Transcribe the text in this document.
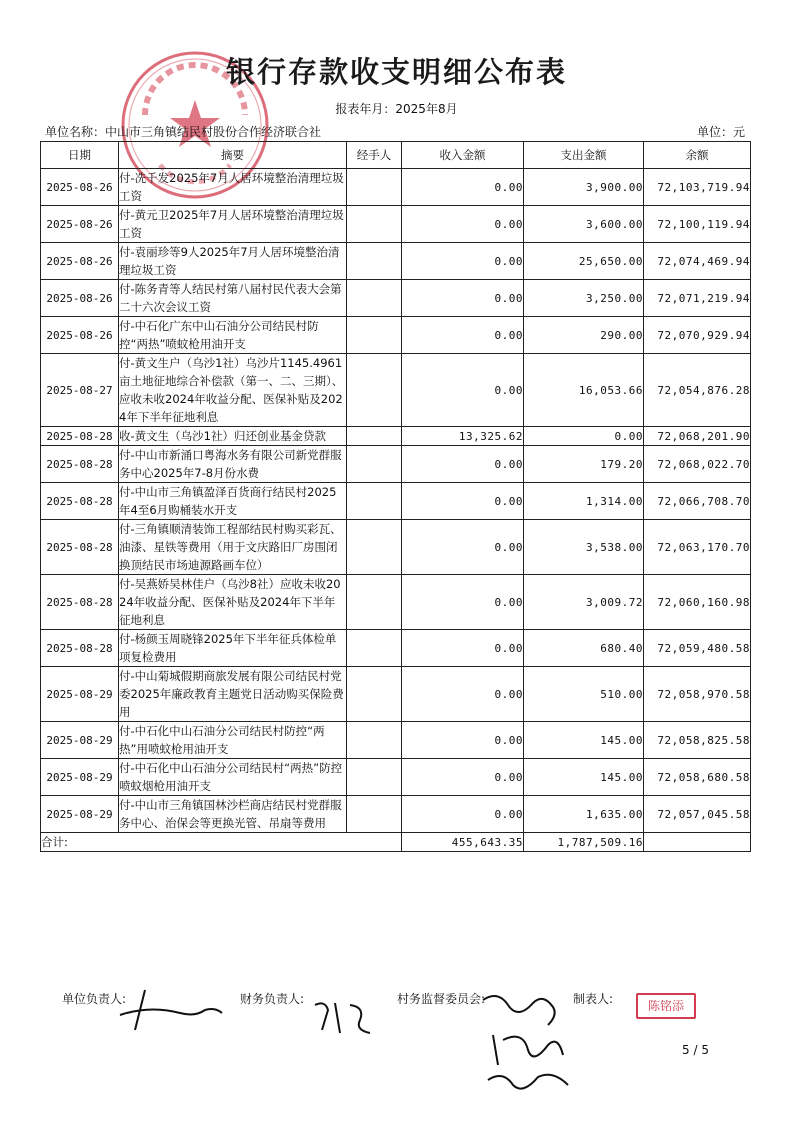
银行存款收支明细公布表
报表年月：2025年8月
单位名称：中山市三角镇结民村股份合作经济联合社	单位：元
日期	摘要	经手人	收入金额	支出金额	余额
2025-08-26	付-冼千发2025年7月人居环境整治清理垃圾工资		0.00	3,900.00	72,103,719.94
2025-08-26	付-黄元卫2025年7月人居环境整治清理垃圾工资		0.00	3,600.00	72,100,119.94
2025-08-26	付-袁丽珍等9人2025年7月人居环境整治清理垃圾工资		0.00	25,650.00	72,074,469.94
2025-08-26	付-陈务青等人结民村第八届村民代表大会第二十六次会议工资		0.00	3,250.00	72,071,219.94
2025-08-26	付-中石化广东中山石油分公司结民村防控“两热”喷蚊枪用油开支		0.00	290.00	72,070,929.94
2025-08-27	付-黄文生户（乌沙1社）乌沙片1145.4961亩土地征地综合补偿款（第一、二、三期）、应收未收2024年收益分配、医保补贴及2024年下半年征地利息		0.00	16,053.66	72,054,876.28
2025-08-28	收-黄文生（乌沙1社）归还创业基金贷款		13,325.62	0.00	72,068,201.90
2025-08-28	付-中山市新涌口粤海水务有限公司新党群服务中心2025年7-8月份水费		0.00	179.20	72,068,022.70
2025-08-28	付-中山市三角镇盈泽百货商行结民村2025年4至6月购桶装水开支		0.00	1,314.00	72,066,708.70
2025-08-28	付-三角镇顺清装饰工程部结民村购买彩瓦、油漆、星铁等费用（用于文庆路旧厂房围闭换顶结民市场迪源路画车位）		0.00	3,538.00	72,063,170.70
2025-08-28	付-吴燕娇吴林佳户（乌沙8社）应收未收2024年收益分配、医保补贴及2024年下半年征地利息		0.00	3,009.72	72,060,160.98
2025-08-28	付-杨颜玉周晓锋2025年下半年征兵体检单项复检费用		0.00	680.40	72,059,480.58
2025-08-29	付-中山菊城假期商旅发展有限公司结民村党委2025年廉政教育主题党日活动购买保险费用		0.00	510.00	72,058,970.58
2025-08-29	付-中石化中山石油分公司结民村防控“两热”用喷蚊枪用油开支		0.00	145.00	72,058,825.58
2025-08-29	付-中石化中山石油分公司结民村“两热”防控喷蚊烟枪用油开支		0.00	145.00	72,058,680.58
2025-08-29	付-中山市三角镇国林沙栏商店结民村党群服务中心、治保会等更换光管、吊扇等费用		0.00	1,635.00	72,057,045.58
合计:			455,643.35	1,787,509.16	
单位负责人:	财务负责人:	村务监督委员会:	制表人:	陈铭添
5 / 5
